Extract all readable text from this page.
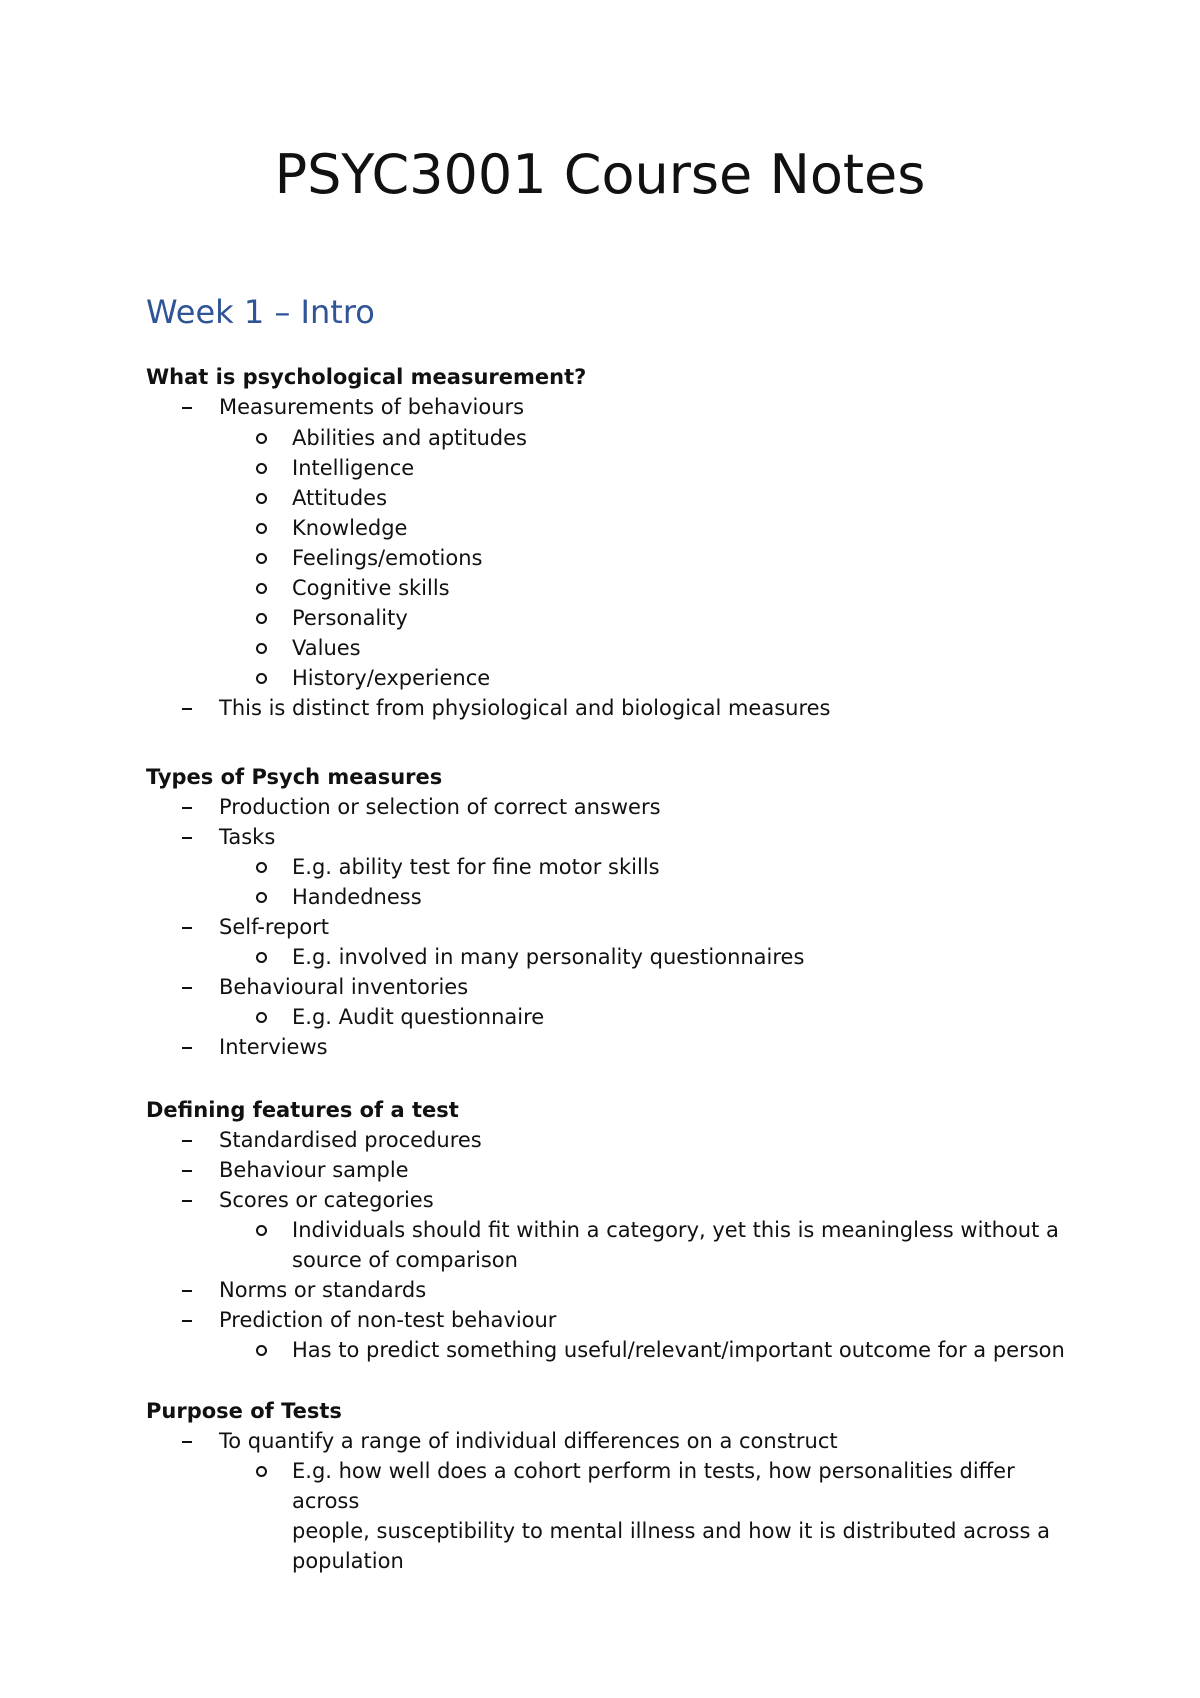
PSYC3001 Course Notes
Week 1 – Intro
What is psychological measurement?
Measurements of behaviours
Abilities and aptitudes
Intelligence
Attitudes
Knowledge
Feelings/emotions
Cognitive skills
Personality
Values
History/experience
This is distinct from physiological and biological measures
Types of Psych measures
Production or selection of correct answers
Tasks
E.g. ability test for fine motor skills
Handedness
Self-report
E.g. involved in many personality questionnaires
Behavioural inventories
E.g. Audit questionnaire
Interviews
Defining features of a test
Standardised procedures
Behaviour sample
Scores or categories
Individuals should fit within a category, yet this is meaningless without a
source of comparison
Norms or standards
Prediction of non-test behaviour
Has to predict something useful/relevant/important outcome for a person
Purpose of Tests
To quantify a range of individual differences on a construct
E.g. how well does a cohort perform in tests, how personalities differ across
people, susceptibility to mental illness and how it is distributed across a
population
